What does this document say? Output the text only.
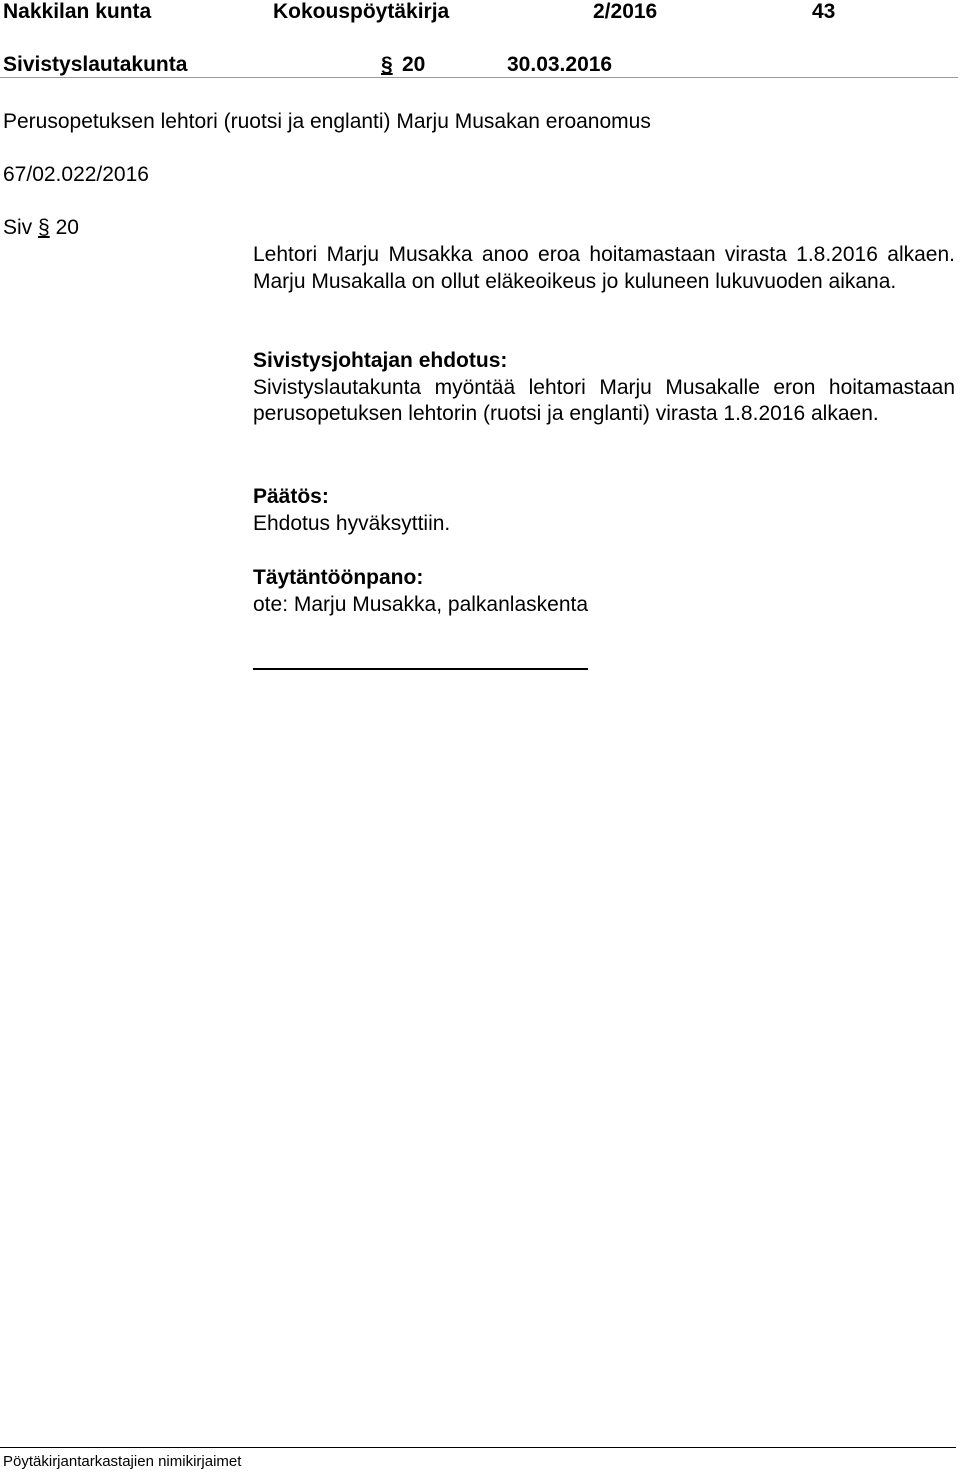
Nakkilan kunta	Kokouspöytäkirja	2/2016	43
Sivistyslautakunta	§ 20	30.03.2016
Perusopetuksen lehtori (ruotsi ja englanti) Marju Musakan eroanomus
67/02.022/2016
Siv § 20

Lehtori Marju Musakka anoo eroa hoitamastaan virasta 1.8.2016 alkaen. Marju Musakalla on ollut eläkeoikeus jo kuluneen lukuvuoden aikana.

Sivistysjohtajan ehdotus:

Sivistyslautakunta myöntää lehtori Marju Musakalle eron hoitamastaan perusopetuksen lehtorin (ruotsi ja englanti) virasta 1.8.2016 alkaen.

Päätös:

Ehdotus hyväksyttiin.

Täytäntöönpano:

ote: Marju Musakka, palkanlaskenta

Pöytäkirjantarkastajien nimikirjaimet
